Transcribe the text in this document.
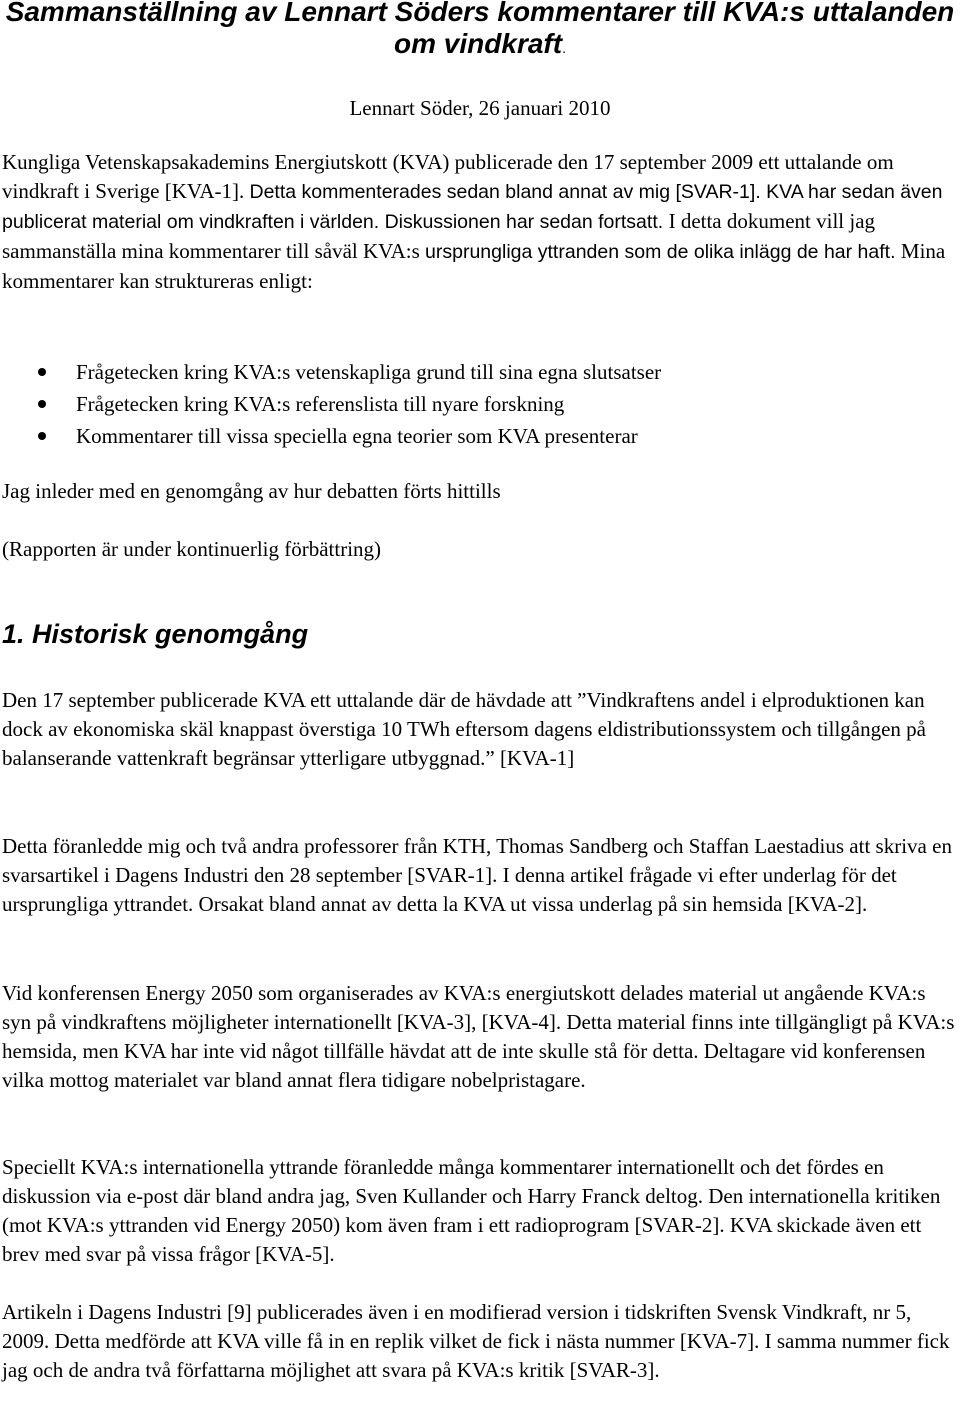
Sammanställning av Lennart Söders kommentarer till KVA:s uttalanden om vindkraft.
Lennart Söder, 26 januari 2010

Kungliga Vetenskapsakademins Energiutskott (KVA) publicerade den 17 september 2009 ett uttalande om vindkraft i Sverige [KVA-1]. Detta kommenterades sedan bland annat av mig [SVAR-1]. KVA har sedan även publicerat material om vindkraften i världen. Diskussionen har sedan fortsatt. I detta dokument vill jag sammanställa mina kommentarer till såväl KVA:s ursprungliga yttranden som de olika inlägg de har haft. Mina kommentarer kan struktureras enligt:

Frågetecken kring KVA:s vetenskapliga grund till sina egna slutsatser
Frågetecken kring KVA:s referenslista till nyare forskning
Kommentarer till vissa speciella egna teorier som KVA presenterar

Jag inleder med en genomgång av hur debatten förts hittills

(Rapporten är under kontinuerlig förbättring)

1. Historisk genomgång

Den 17 september publicerade KVA ett uttalande där de hävdade att ”Vindkraftens andel i elproduktionen kan dock av ekonomiska skäl knappast överstiga 10 TWh eftersom dagens eldistributionssystem och tillgången på balanserande vattenkraft begränsar ytterligare utbyggnad.” [KVA-1]

Detta föranledde mig och två andra professorer från KTH, Thomas Sandberg och Staffan Laestadius att skriva en svarsartikel i Dagens Industri den 28 september [SVAR-1]. I denna artikel frågade vi efter underlag för det ursprungliga yttrandet. Orsakat bland annat av detta la KVA ut vissa underlag på sin hemsida [KVA-2].

Vid konferensen Energy 2050 som organiserades av KVA:s energiutskott delades material ut angående KVA:s syn på vindkraftens möjligheter internationellt [KVA-3], [KVA-4]. Detta material finns inte tillgängligt på KVA:s hemsida, men KVA har inte vid något tillfälle hävdat att de inte skulle stå för detta. Deltagare vid konferensen vilka mottog materialet var bland annat flera tidigare nobelpristagare.

Speciellt KVA:s internationella yttrande föranledde många kommentarer internationellt och det fördes en diskussion via e-post där bland andra jag, Sven Kullander och Harry Franck deltog. Den internationella kritiken (mot KVA:s yttranden vid Energy 2050) kom även fram i ett radioprogram [SVAR-2]. KVA skickade även ett brev med svar på vissa frågor [KVA-5].

Artikeln i Dagens Industri [9] publicerades även i en modifierad version i tidskriften Svensk Vindkraft, nr 5, 2009. Detta medförde att KVA ville få in en replik vilket de fick i nästa nummer [KVA-7]. I samma nummer fick jag och de andra två författarna möjlighet att svara på KVA:s kritik [SVAR-3].
